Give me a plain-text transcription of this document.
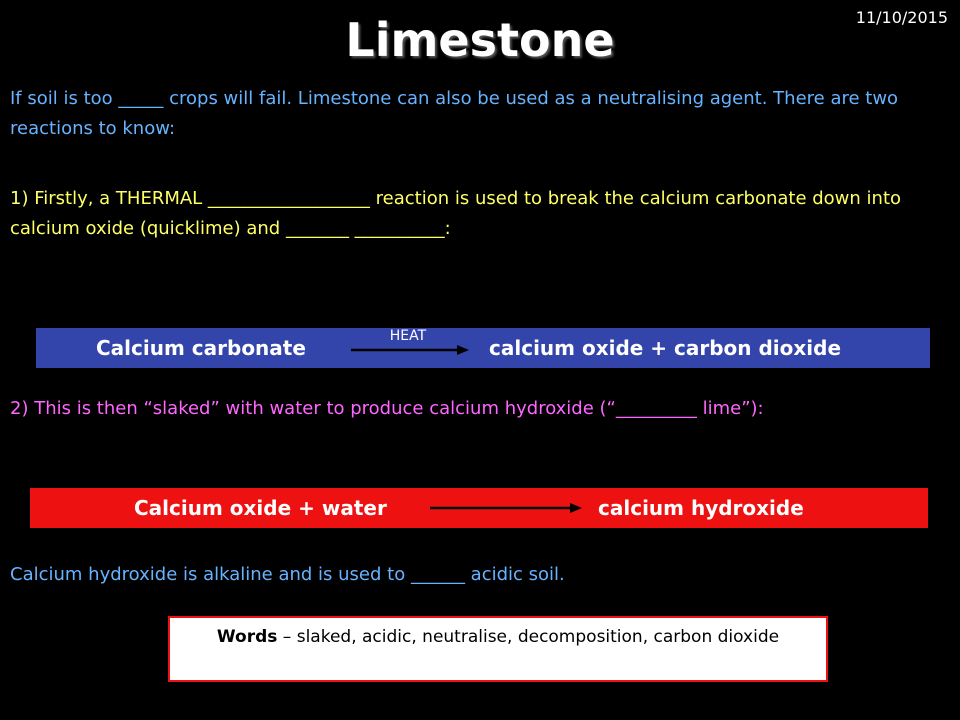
11/10/2015
Limestone

If soil is too _____ crops will fail. Limestone can also be used as a neutralising agent. There are two reactions to know:

1) Firstly, a THERMAL __________________ reaction is used to break the calcium carbonate down into calcium oxide (quicklime) and _______ __________:

Calcium carbonate	HEAT	calcium oxide + carbon dioxide

2) This is then “slaked” with water to produce calcium hydroxide (“_________ lime”):

Calcium oxide + water	calcium hydroxide

Calcium hydroxide is alkaline and is used to ______ acidic soil.

Words – slaked, acidic, neutralise, decomposition, carbon dioxide
